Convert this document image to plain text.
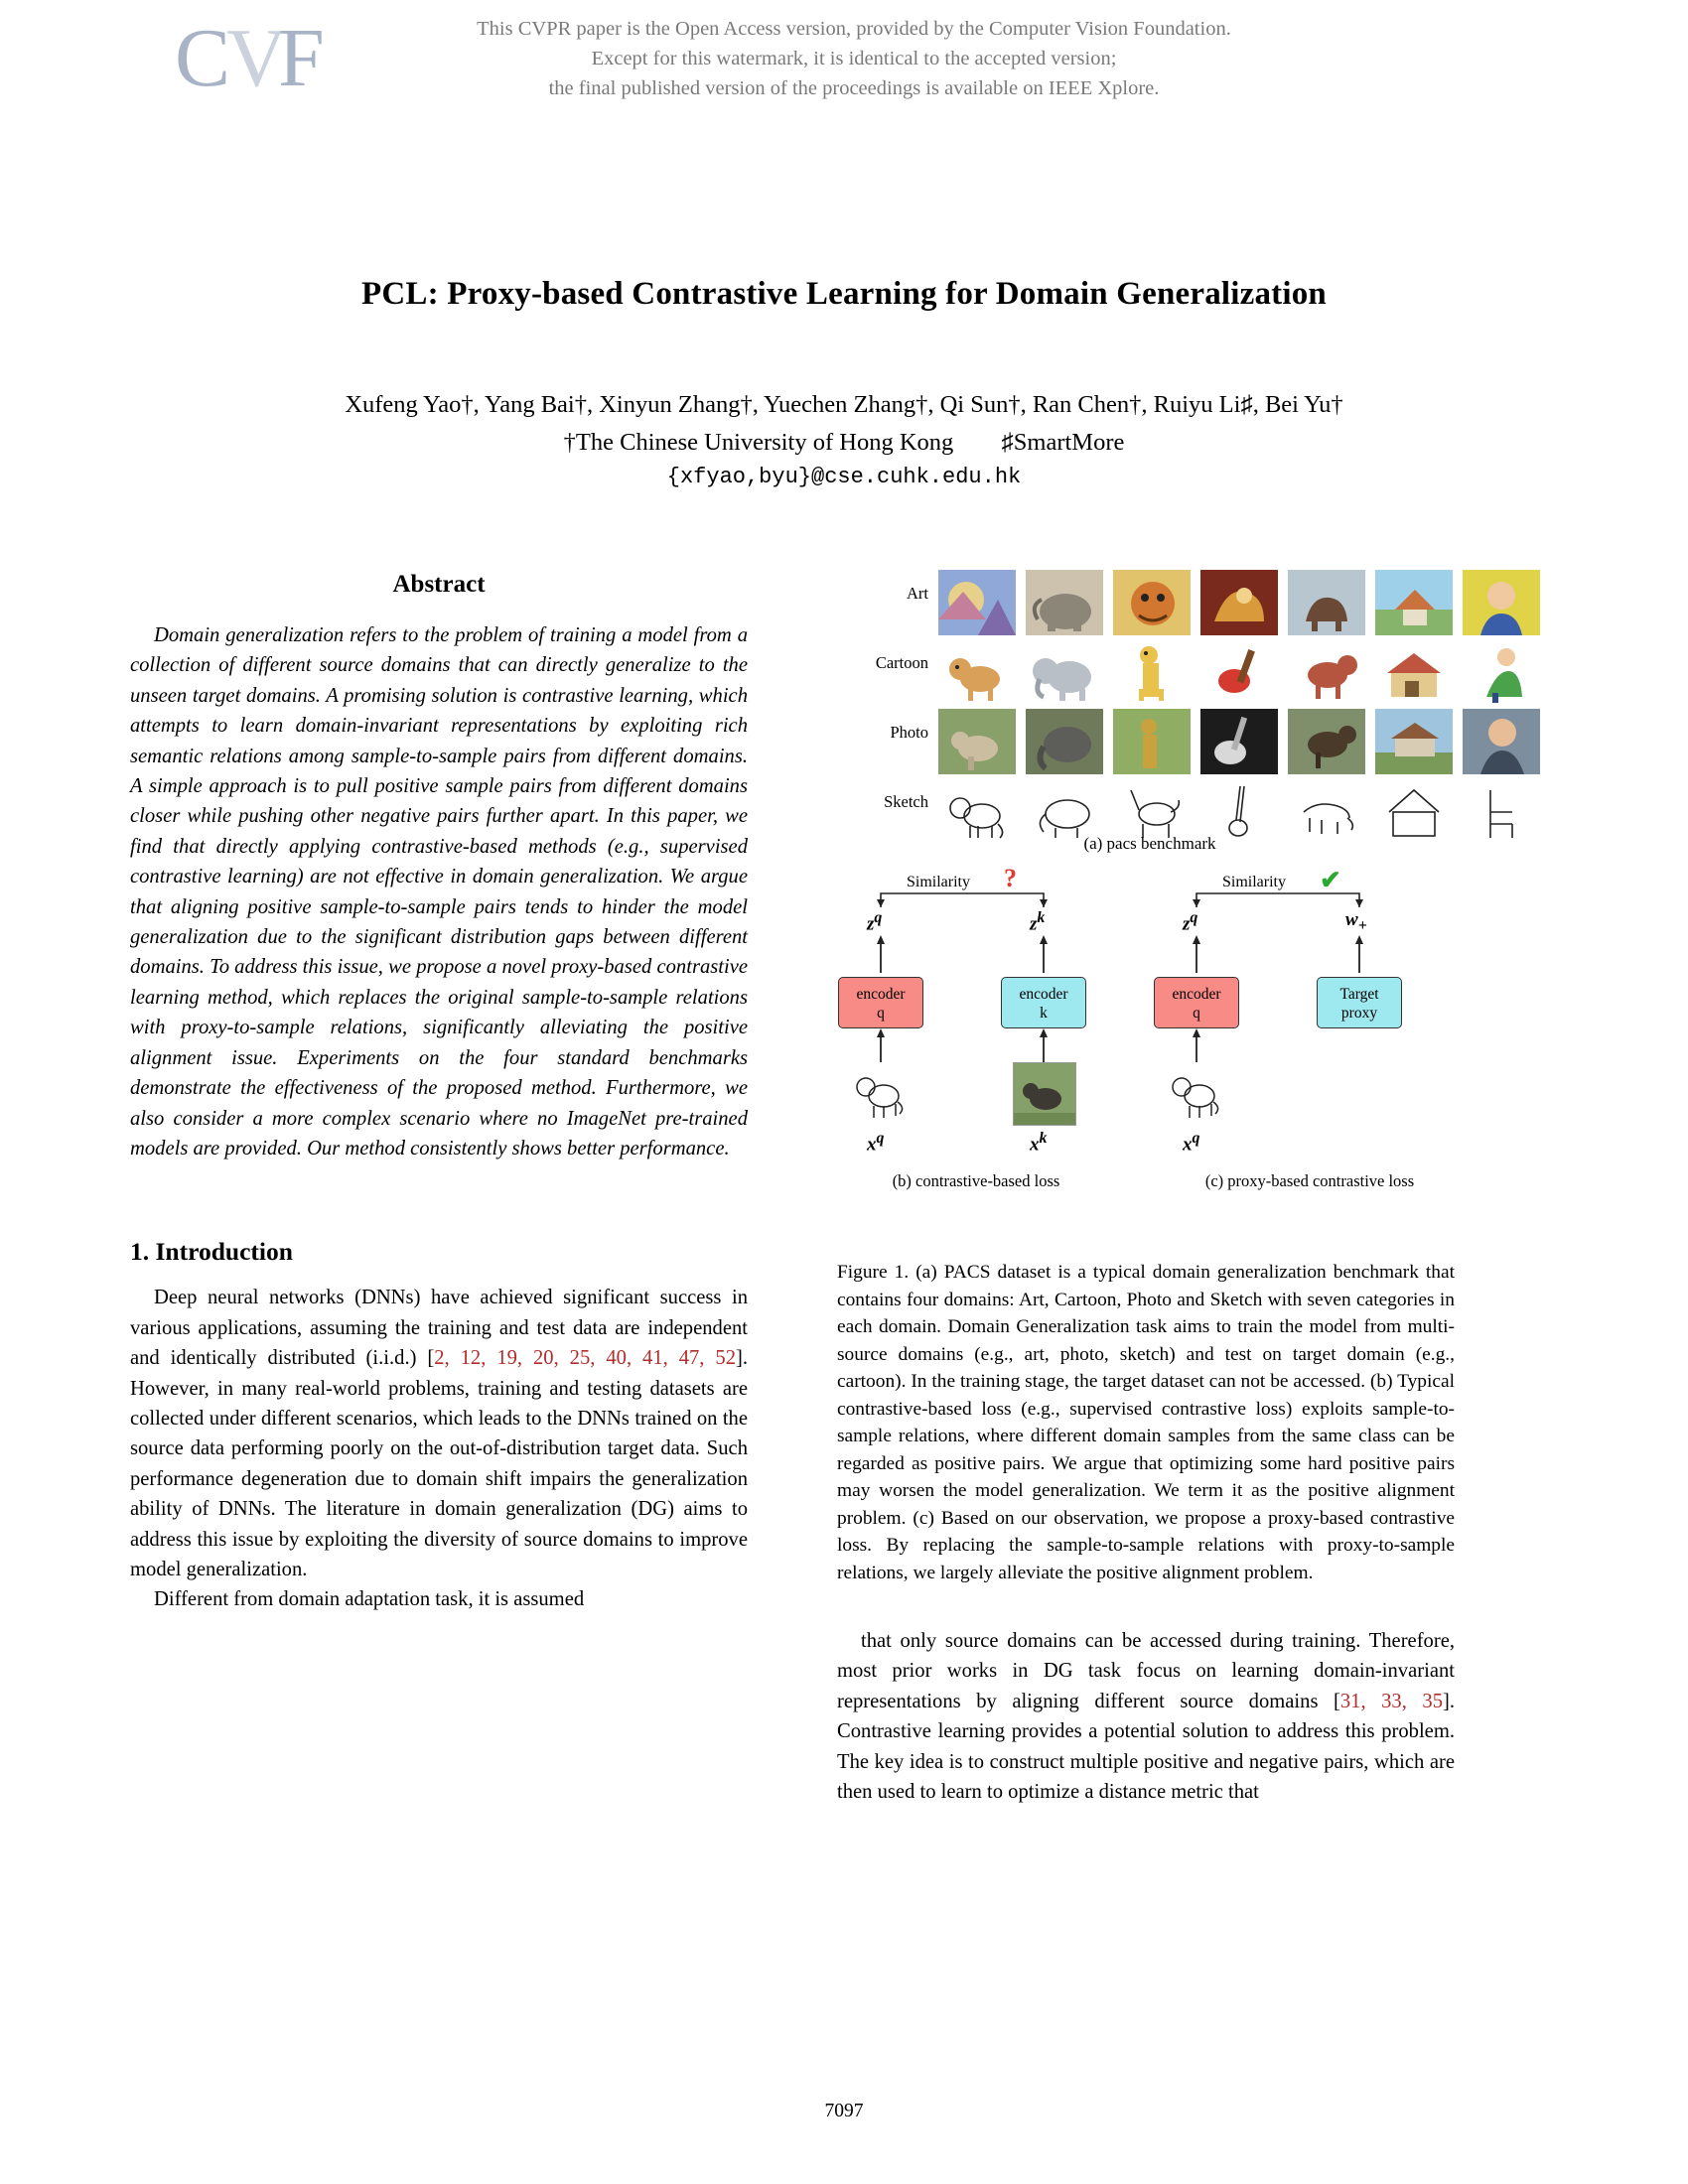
C
V
F	This CVPR paper is the Open Access version, provided by the Computer Vision Foundation.
Except for this watermark, it is identical to the accepted version;
the final published version of the proceedings is available on IEEE Xplore.
PCL: Proxy-based Contrastive Learning for Domain Generalization
Xufeng Yao†, Yang Bai†, Xinyun Zhang†, Yuechen Zhang†, Qi Sun†, Ran Chen†, Ruiyu Li♯, Bei Yu†
†The Chinese University of Hong Kong ♯SmartMore
{xfyao,byu}@cse.cuhk.edu.hk
Abstract

Domain generalization refers to the problem of training a model from a collection of different source domains that can directly generalize to the unseen target domains. A promising solution is contrastive learning, which attempts to learn domain-invariant representations by exploiting rich semantic relations among sample-to-sample pairs from different domains. A simple approach is to pull positive sample pairs from different domains closer while pushing other negative pairs further apart. In this paper, we find that directly applying contrastive-based methods (e.g., supervised contrastive learning) are not effective in domain generalization. We argue that aligning positive sample-to-sample pairs tends to hinder the model generalization due to the significant distribution gaps between different domains. To address this issue, we propose a novel proxy-based contrastive learning method, which replaces the original sample-to-sample relations with proxy-to-sample relations, significantly alleviating the positive alignment issue. Experiments on the four standard benchmarks demonstrate the effectiveness of the proposed method. Furthermore, we also consider a more complex scenario where no ImageNet pre-trained models are provided. Our method consistently shows better performance.

1. Introduction

Deep neural networks (DNNs) have achieved significant success in various applications, assuming the training and test data are independent and identically distributed (i.i.d.) [2, 12, 19, 20, 25, 40, 41, 47, 52]. However, in many real-world problems, training and testing datasets are collected under different scenarios, which leads to the DNNs trained on the source data performing poorly on the out-of-distribution target data. Such performance degeneration due to domain shift impairs the generalization ability of DNNs. The literature in domain generalization (DG) aims to address this issue by exploiting the diversity of source domains to improve model generalization.

Different from domain adaptation task, it is assumed

Art
Cartoon
Photo
Sketch
(a) pacs benchmark
Similarity ?
$z^q$	$z^k$
encoder
q
encoder
k
$x^q$	$x^k$
(b) contrastive-based loss
Similarity ✔
$z^q$	$w_+$
encoder
q
Target
proxy
$x^q$
(c) proxy-based contrastive loss

Figure 1. (a) PACS dataset is a typical domain generalization benchmark that contains four domains: Art, Cartoon, Photo and Sketch with seven categories in each domain. Domain Generalization task aims to train the model from multi-source domains (e.g., art, photo, sketch) and test on target domain (e.g., cartoon). In the training stage, the target dataset can not be accessed. (b) Typical contrastive-based loss (e.g., supervised contrastive loss) exploits sample-to-sample relations, where different domain samples from the same class can be regarded as positive pairs. We argue that optimizing some hard positive pairs may worsen the model generalization. We term it as the positive alignment problem. (c) Based on our observation, we propose a proxy-based contrastive loss. By replacing the sample-to-sample relations with proxy-to-sample relations, we largely alleviate the positive alignment problem.

that only source domains can be accessed during training. Therefore, most prior works in DG task focus on learning domain-invariant representations by aligning different source domains [31, 33, 35]. Contrastive learning provides a potential solution to address this problem. The key idea is to construct multiple positive and negative pairs, which are then used to learn to optimize a distance metric that

7097
